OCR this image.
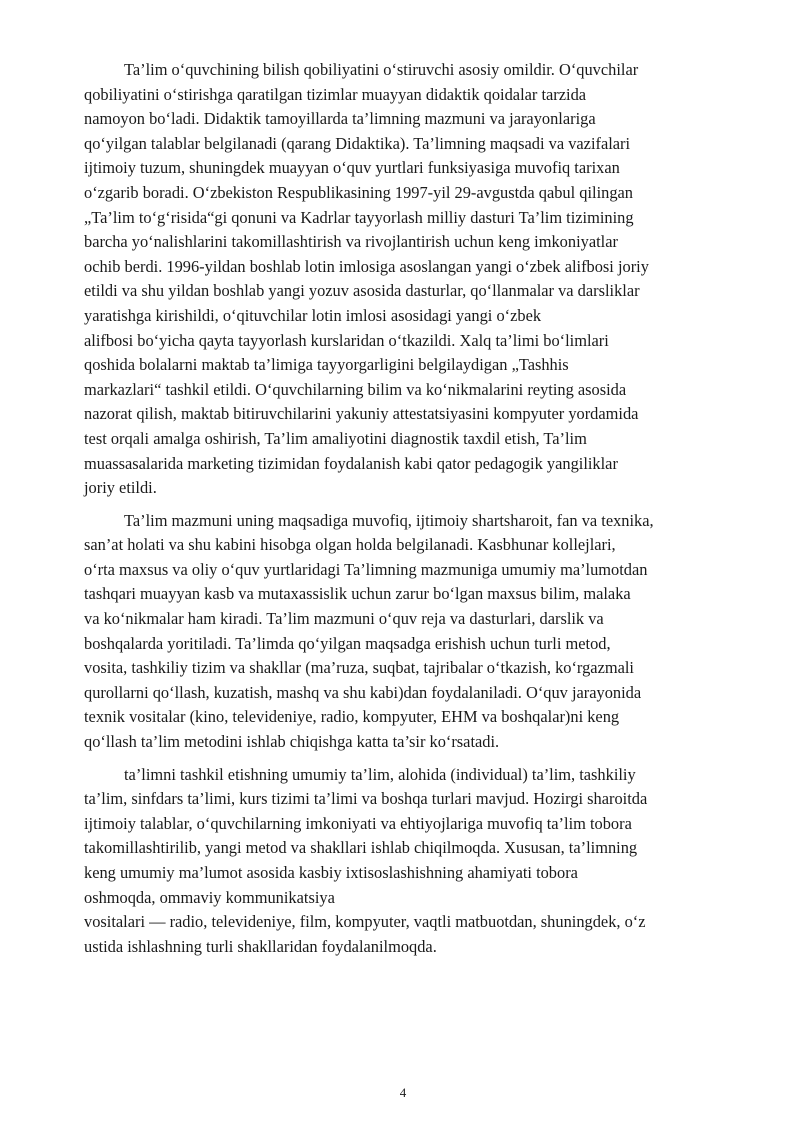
Ta’lim o‘quvchining bilish qobiliyatini o‘stiruvchi asosiy omildir. O‘quvchilar
qobiliyatini o‘stirishga qaratilgan tizimlar muayyan didaktik qoidalar tarzida
namoyon bo‘ladi. Didaktik tamoyillarda ta’limning mazmuni va jarayonlariga
qo‘yilgan talablar belgilanadi (qarang Didaktika). Ta’limning maqsadi va vazifalari
ijtimoiy tuzum, shuningdek muayyan o‘quv yurtlari funksiyasiga muvofiq tarixan
o‘zgarib boradi. O‘zbekiston Respublikasining 1997-yil 29-avgustda qabul qilingan
„Ta’lim to‘g‘risida“gi qonuni va Kadrlar tayyorlash milliy dasturi Ta’lim tizimining
barcha yo‘nalishlarini takomillashtirish va rivojlantirish uchun keng imkoniyatlar
ochib berdi. 1996-yildan boshlab lotin imlosiga asoslangan yangi o‘zbek alifbosi joriy
etildi va shu yildan boshlab yangi yozuv asosida dasturlar, qo‘llanmalar va darsliklar
yaratishga kirishildi, o‘qituvchilar lotin imlosi asosidagi yangi o‘zbek
alifbosi bo‘yicha qayta tayyorlash kurslaridan o‘tkazildi. Xalq ta’limi bo‘limlari
qoshida bolalarni maktab ta’limiga tayyorgarligini belgilaydigan „Tashhis
markazlari“ tashkil etildi. O‘quvchilarning bilim va ko‘nikmalarini reyting asosida
nazorat qilish, maktab bitiruvchilarini yakuniy attestatsiyasini kompyuter yordamida
test orqali amalga oshirish, Ta’lim amaliyotini diagnostik taxdil etish, Ta’lim
muassasalarida marketing tizimidan foydalanish kabi qator pedagogik yangiliklar
joriy etildi.
Ta’lim mazmuni uning maqsadiga muvofiq, ijtimoiy shartsharoit, fan va texnika,
san’at holati va shu kabini hisobga olgan holda belgilanadi. Kasbhunar kollejlari,
o‘rta maxsus va oliy o‘quv yurtlaridagi Ta’limning mazmuniga umumiy ma’lumotdan
tashqari muayyan kasb va mutaxassislik uchun zarur bo‘lgan maxsus bilim, malaka
va ko‘nikmalar ham kiradi. Ta’lim mazmuni o‘quv reja va dasturlari, darslik va
boshqalarda yoritiladi. Ta’limda qo‘yilgan maqsadga erishish uchun turli metod,
vosita, tashkiliy tizim va shakllar (ma’ruza, suqbat, tajribalar o‘tkazish, ko‘rgazmali
qurollarni qo‘llash, kuzatish, mashq va shu kabi)dan foydalaniladi. O‘quv jarayonida
texnik vositalar (kino, televideniye, radio, kompyuter, EHM va boshqalar)ni keng
qo‘llash ta’lim metodini ishlab chiqishga katta ta’sir ko‘rsatadi.
ta’limni tashkil etishning umumiy ta’lim, alohida (individual) ta’lim, tashkiliy
ta’lim, sinfdars ta’limi, kurs tizimi ta’limi va boshqa turlari mavjud. Hozirgi sharoitda
ijtimoiy talablar, o‘quvchilarning imkoniyati va ehtiyojlariga muvofiq ta’lim tobora
takomillashtirilib, yangi metod va shakllari ishlab chiqilmoqda. Xususan, ta’limning
keng umumiy ma’lumot asosida kasbiy ixtisoslashishning ahamiyati tobora
oshmoqda, ommaviy kommunikatsiya
vositalari — radio, televideniye, film, kompyuter, vaqtli matbuotdan, shuningdek, o‘z
ustida ishlashning turli shakllaridan foydalanilmoqda.
4
